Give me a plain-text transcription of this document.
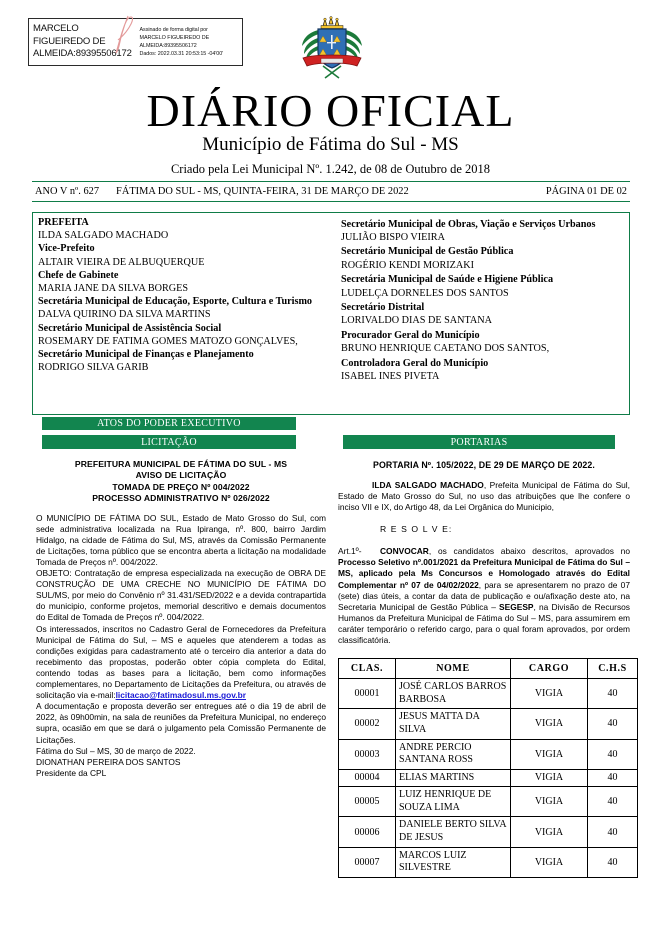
MARCELO FIGUEIREDO DE ALMEIDA:89395506172
Assinado de forma digital por
MARCELO FIGUEIREDO DE
ALMEIDA:89395506172
Dados: 2022.03.31 20:53:15 -04'00'
DIÁRIO OFICIAL
Município de Fátima do Sul - MS
Criado pela Lei Municipal Nº. 1.242, de 08 de Outubro de 2018
ANO V nº. 627	FÁTIMA DO SUL - MS, QUINTA-FEIRA, 31 DE MARÇO DE 2022	PÁGINA 01 DE 02
PREFEITA
ILDA SALGADO MACHADO
Vice-Prefeito
ALTAIR VIEIRA DE ALBUQUERQUE
Chefe de Gabinete
MARIA JANE DA SILVA BORGES
Secretária Municipal de Educação, Esporte, Cultura e Turismo
DALVA QUIRINO DA SILVA MARTINS
Secretário Municipal de Assistência Social
ROSEMARY DE FATIMA GOMES MATOZO GONÇALVES,
Secretário Municipal de Finanças e Planejamento
RODRIGO SILVA GARIB
Secretário Municipal de Obras, Viação e Serviços Urbanos
JULIÃO BISPO VIEIRA
Secretário Municipal de Gestão Pública
ROGÉRIO KENDI MORIZAKI
Secretária Municipal de Saúde e Higiene Pública
LUDELÇA DORNELES DOS SANTOS
Secretário Distrital
LORIVALDO DIAS DE SANTANA
Procurador Geral do Município
BRUNO HENRIQUE CAETANO DOS SANTOS,
Controladora Geral do Município
ISABEL INES PIVETA
ATOS DO PODER EXECUTIVO
LICITAÇÃO	PORTARIAS
PREFEITURA MUNICIPAL DE FÁTIMA DO SUL - MS
AVISO DE LICITAÇÃO
TOMADA DE PREÇO Nº 004/2022
PROCESSO ADMINISTRATIVO Nº 026/2022
O MUNICÍPIO DE FÁTIMA DO SUL, Estado de Mato Grosso do Sul, com sede administrativa localizada na Rua Ipiranga, nº. 800, bairro Jardim Hidalgo, na cidade de Fátima do Sul, MS, através da Comissão Permanente de Licitações, torna público que se encontra aberta a licitação na modalidade Tomada de Preços nº. 004/2022.
OBJETO: Contratação de empresa especializada na execução de OBRA DE CONSTRUÇÃO DE UMA CRECHE NO MUNICÍPIO DE FÁTIMA DO SUL/MS, por meio do Convênio nº 31.431/SED/2022 e a devida contrapartida do municipio, conforme projetos, memorial descritivo e demais documentos do Edital de Tomada de Preços nº. 004/2022.
Os interessados, inscritos no Cadastro Geral de Fornecedores da Prefeitura Municipal de Fátima do Sul, – MS e aqueles que atenderem a todas as condições exigidas para cadastramento até o terceiro dia anterior a data do recebimento das propostas, poderão obter cópia completa do Edital, contendo todas as bases para a licitação, bem como informações complementares, no Departamento de Licitações da Prefeitura, ou através de solicitação via e-mail:licitacao@fatimadosul.ms.gov.br
A documentação e proposta deverão ser entregues até o dia 19 de abril de 2022, às 09h00min, na sala de reuniões da Prefeitura Municipal, no endereço supra, ocasião em que se dará o julgamento pela Comissão Permanente de Licitações.
Fátima do Sul – MS, 30 de março de 2022.
DIONATHAN PEREIRA DOS SANTOS
Presidente da CPL
PORTARIA Nº. 105/2022, DE 29 DE MARÇO DE 2022.
ILDA SALGADO MACHADO, Prefeita Municipal de Fátima do Sul, Estado de Mato Grosso do Sul, no uso das atribuições que lhe confere o inciso VII e IX, do Artigo 48, da Lei Orgânica do Municipio,
R E S O L V E:
Art.1º- CONVOCAR, os candidatos abaixo descritos, aprovados no Processo Seletivo nº.001/2021 da Prefeitura Municipal de Fátima do Sul – MS, aplicado pela Ms Concursos e Homologado através do Edital Complementar nº 07 de 04/02/2022, para se apresentarem no prazo de 07 (sete) dias úteis, a contar da data de publicação e ou/afixação deste ato, na Secretaria Municipal de Gestão Pública – SEGESP, na Divisão de Recursos Humanos da Prefeitura Municipal de Fátima do Sul – MS, para assumirem em caráter temporário o referido cargo, para o qual foram aprovados, por ordem classificatória.
CLAS.	NOME	CARGO	C.H.S
00001	JOSÉ CARLOS BARROS BARBOSA	VIGIA	40
00002	JESUS MATTA DA SILVA	VIGIA	40
00003	ANDRE PERCIO SANTANA ROSS	VIGIA	40
00004	ELIAS MARTINS	VIGIA	40
00005	LUIZ HENRIQUE DE SOUZA LIMA	VIGIA	40
00006	DANIELE BERTO SILVA DE JESUS	VIGIA	40
00007	MARCOS LUIZ SILVESTRE	VIGIA	40
